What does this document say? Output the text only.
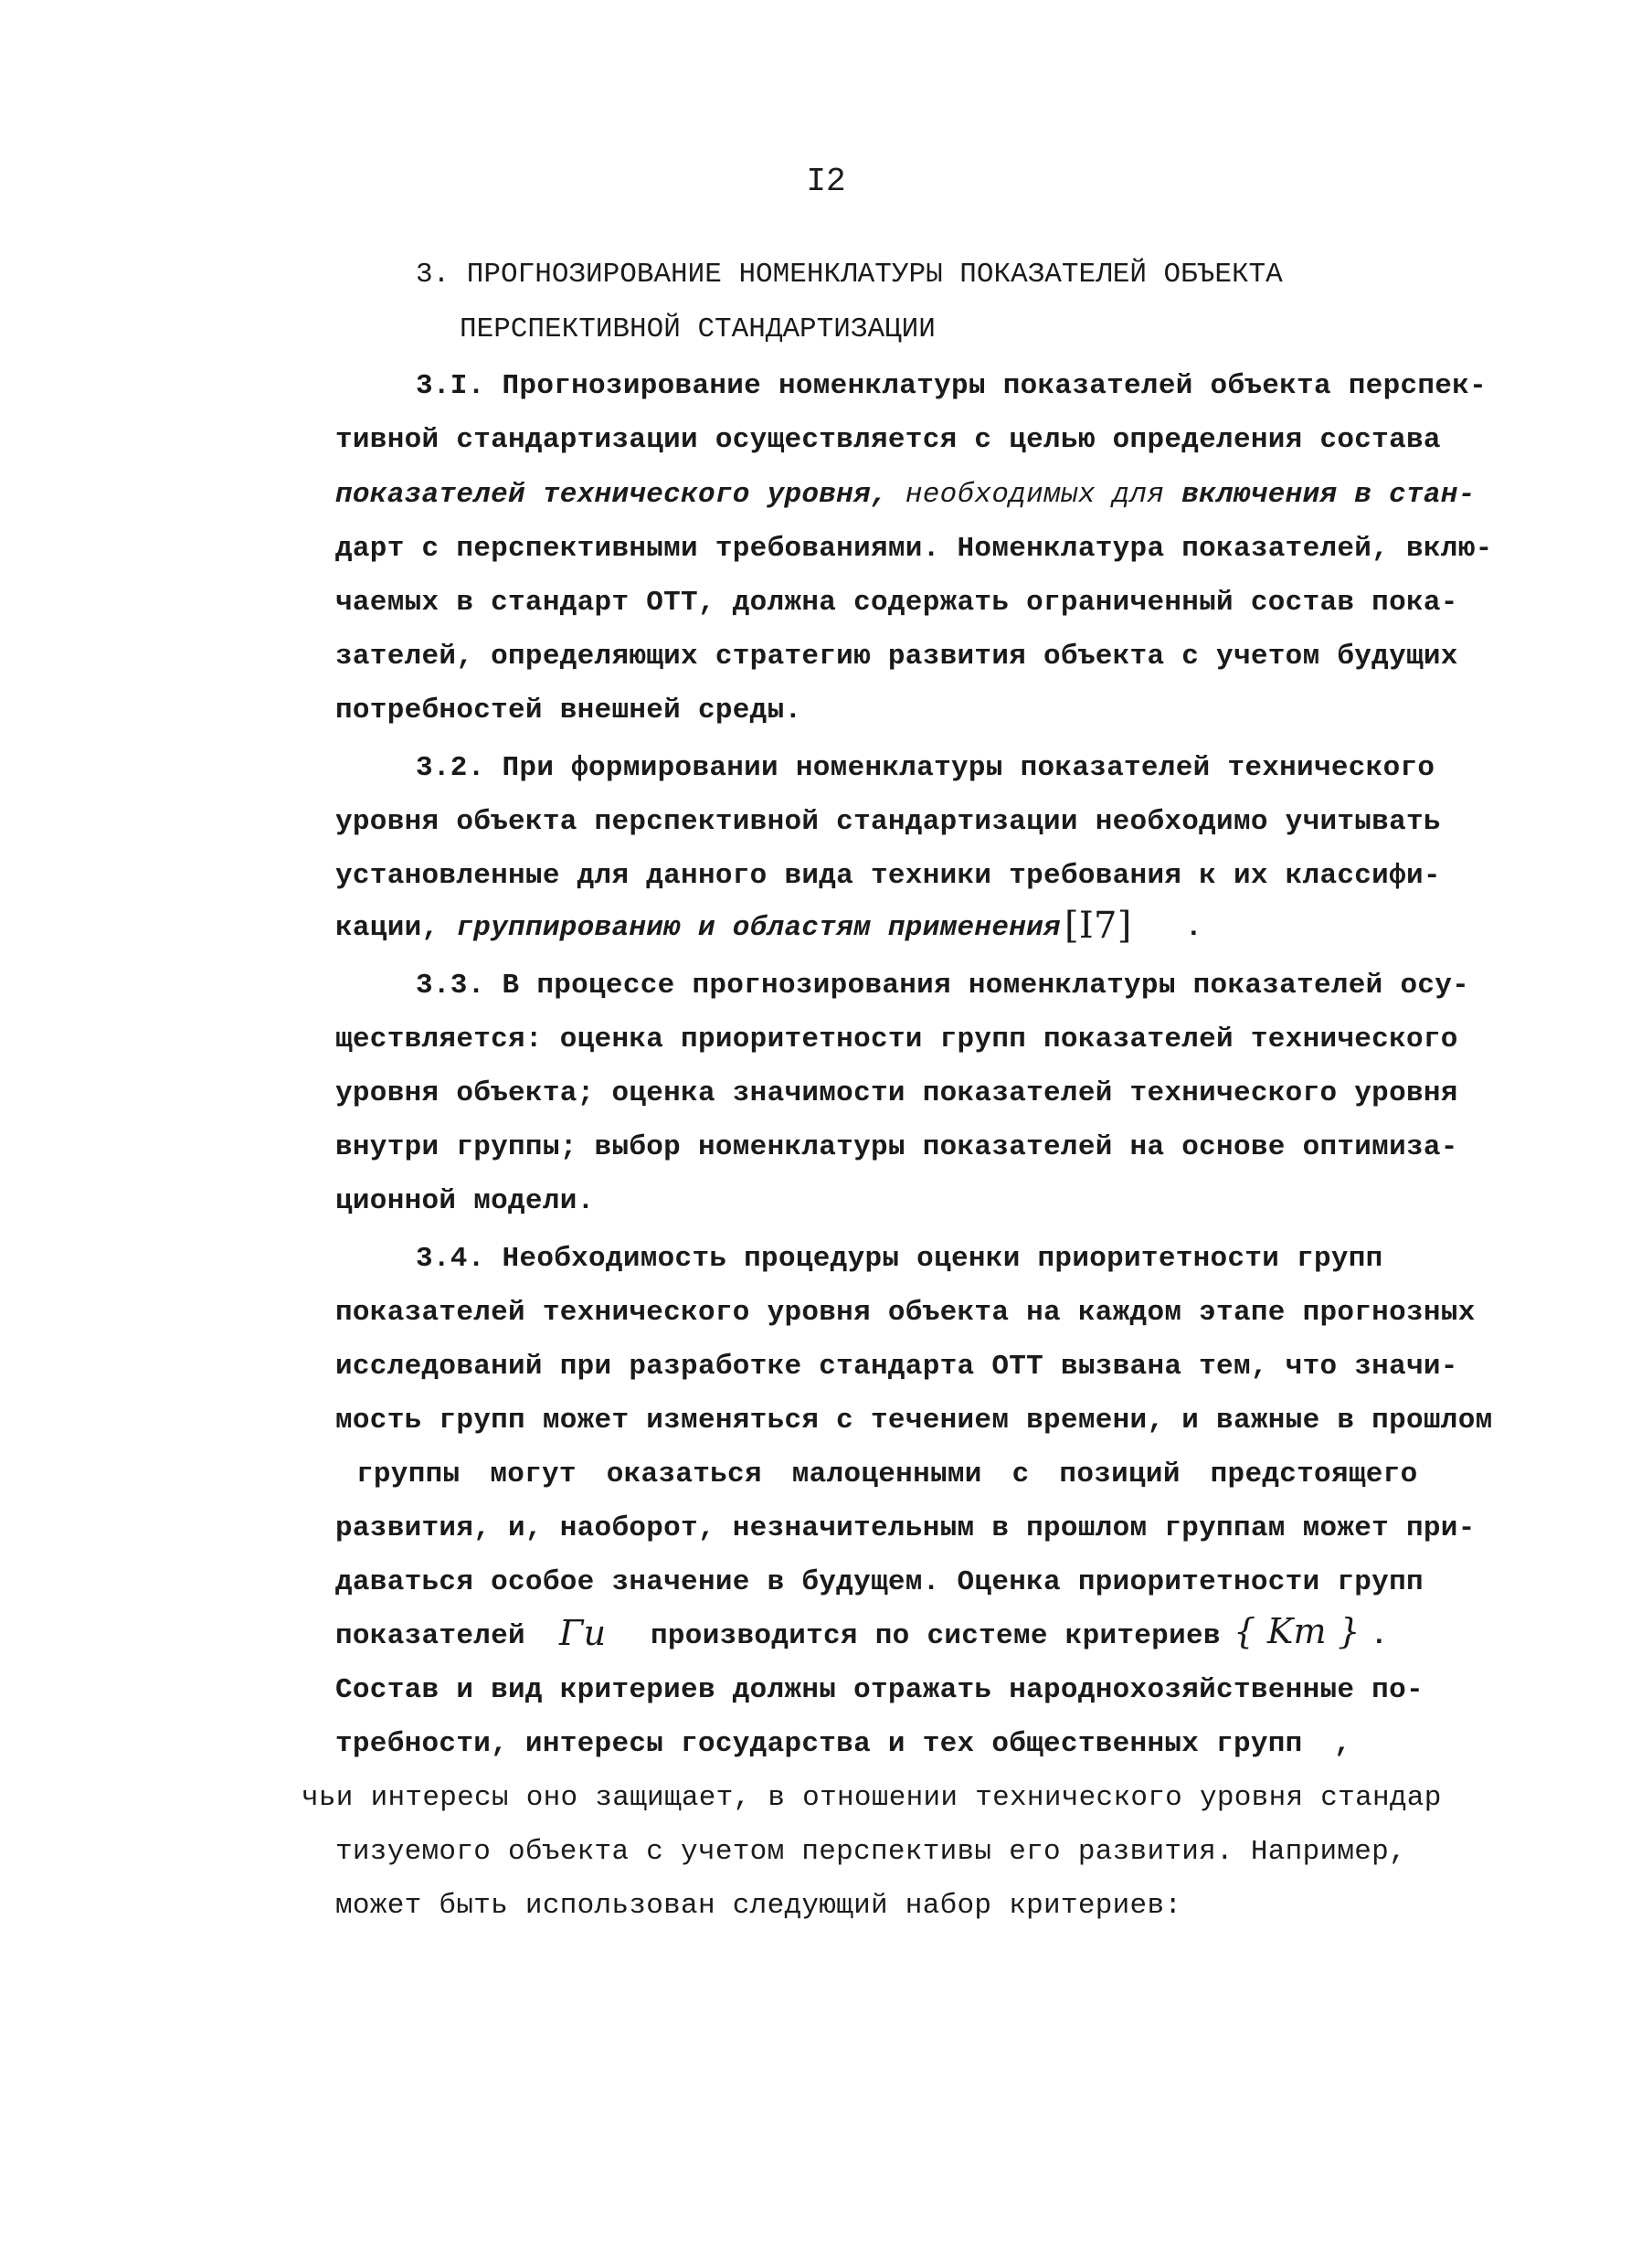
I2
3. ПРОГНОЗИРОВАНИЕ НОМЕНКЛАТУРЫ ПОКАЗАТЕЛЕЙ ОБЪЕКТА
ПЕРСПЕКТИВНОЙ СТАНДАРТИЗАЦИИ
3.I. Прогнозирование номенклатуры показателей объекта перспек-
тивной стандартизации осуществляется с целью определения состава
показателей технического уровня, необходимых для включения в стан-
дарт с перспективными требованиями. Номенклатура показателей, вклю-
чаемых в стандарт ОТТ, должна содержать ограниченный состав пока-
зателей, определяющих стратегию развития объекта с учетом будущих
потребностей внешней среды.
3.2. При формировании номенклатуры показателей технического
уровня объекта перспективной стандартизации необходимо учитывать
установленные для данного вида техники требования к их классифи-
кации, группированию и областям применения [I7] .
3.3. В процессе прогнозирования номенклатуры показателей осу-
ществляется: оценка приоритетности групп показателей технического
уровня объекта; оценка значимости показателей технического уровня
внутри группы; выбор номенклатуры показателей на основе оптимиза-
ционной модели.
3.4. Необходимость процедуры оценки приоритетности групп
показателей технического уровня объекта на каждом этапе прогнозных
исследований при разработке стандарта ОТТ вызвана тем, что значи-
мость групп может изменяться с течением времени, и важные в прошлом
группы могут оказаться малоценными с позиций предстоящего
развития, и, наоборот, незначительным в прошлом группам может при-
даваться особое значение в будущем. Оценка приоритетности групп
показателей Γи производится по системе критериев { Km } .
Состав и вид критериев должны отражать народнохозяйственные по-
требности, интересы государства и тех общественных групп ,
чьи интересы оно защищает, в отношении технического уровня стандар
тизуемого объекта с учетом перспективы его развития. Например,
может быть использован следующий набор критериев:
